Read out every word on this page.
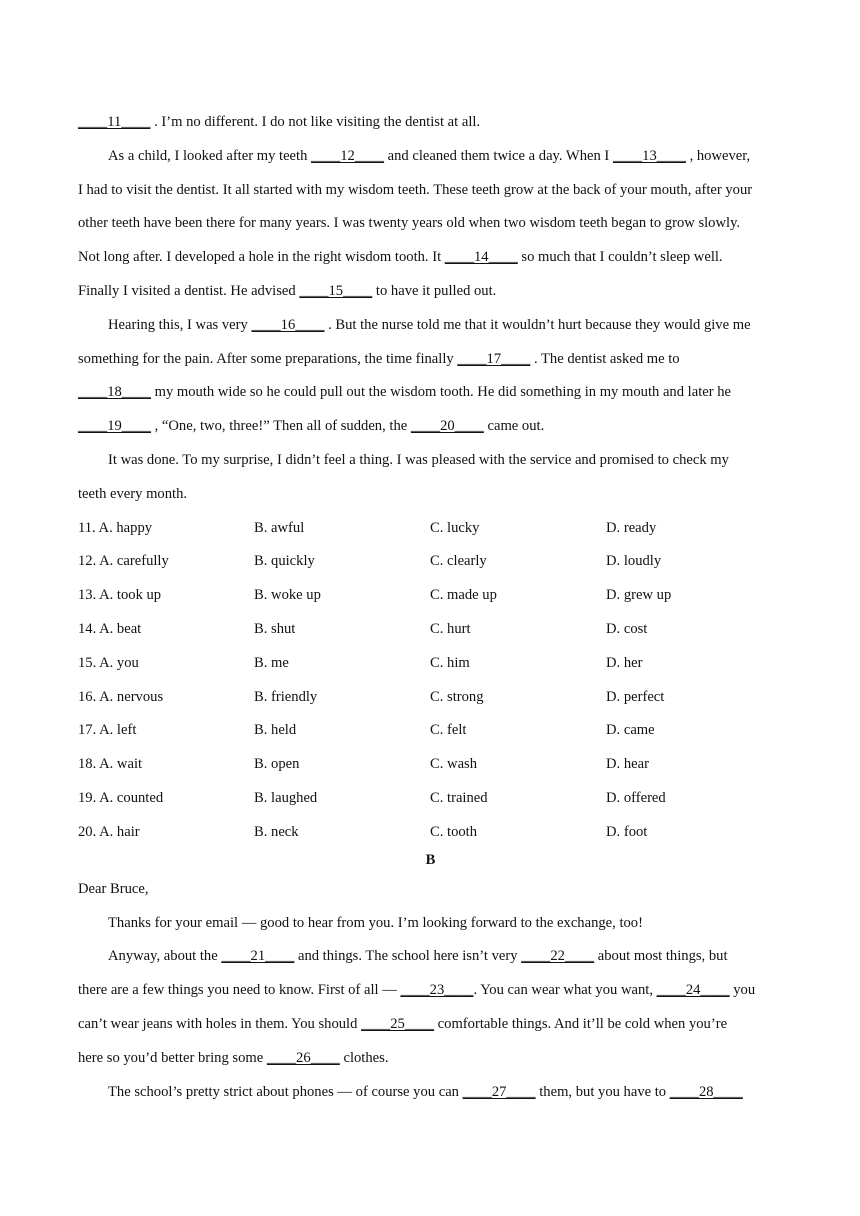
____11____ . I’m no different. I do not like visiting the dentist at all.
As a child, I looked after my teeth ____12____ and cleaned them twice a day. When I ____13____ , however,
I had to visit the dentist. It all started with my wisdom teeth. These teeth grow at the back of your mouth, after your
other teeth have been there for many years. I was twenty years old when two wisdom teeth began to grow slowly.
Not long after. I developed a hole in the right wisdom tooth. It ____14____ so much that I couldn’t sleep well.
Finally I visited a dentist. He advised ____15____ to have it pulled out.
Hearing this, I was very ____16____ . But the nurse told me that it wouldn’t hurt because they would give me
something for the pain. After some preparations, the time finally ____17____ . The dentist asked me to
____18____ my mouth wide so he could pull out the wisdom tooth. He did something in my mouth and later he
____19____ , “One, two, three!” Then all of sudden, the ____20____ came out.
It was done. To my surprise, I didn’t feel a thing. I was pleased with the service and promised to check my
teeth every month.
11. A. happy	B. awful	C. lucky	D. ready
12. A. carefully	B. quickly	C. clearly	D. loudly
13. A. took up	B. woke up	C. made up	D. grew up
14. A. beat	B. shut	C. hurt	D. cost
15. A. you	B. me	C. him	D. her
16. A. nervous	B. friendly	C. strong	D. perfect
17. A. left	B. held	C. felt	D. came
18. A. wait	B. open	C. wash	D. hear
19. A. counted	B. laughed	C. trained	D. offered
20. A. hair	B. neck	C. tooth	D. foot
B
Dear Bruce,
Thanks for your email — good to hear from you. I’m looking forward to the exchange, too!
Anyway, about the ____21____ and things. The school here isn’t very ____22____ about most things, but
there are a few things you need to know. First of all — ____23____. You can wear what you want, ____24____ you
can’t wear jeans with holes in them. You should ____25____ comfortable things. And it’ll be cold when you’re
here so you’d better bring some ____26____ clothes.
The school’s pretty strict about phones — of course you can ____27____ them, but you have to ____28____
